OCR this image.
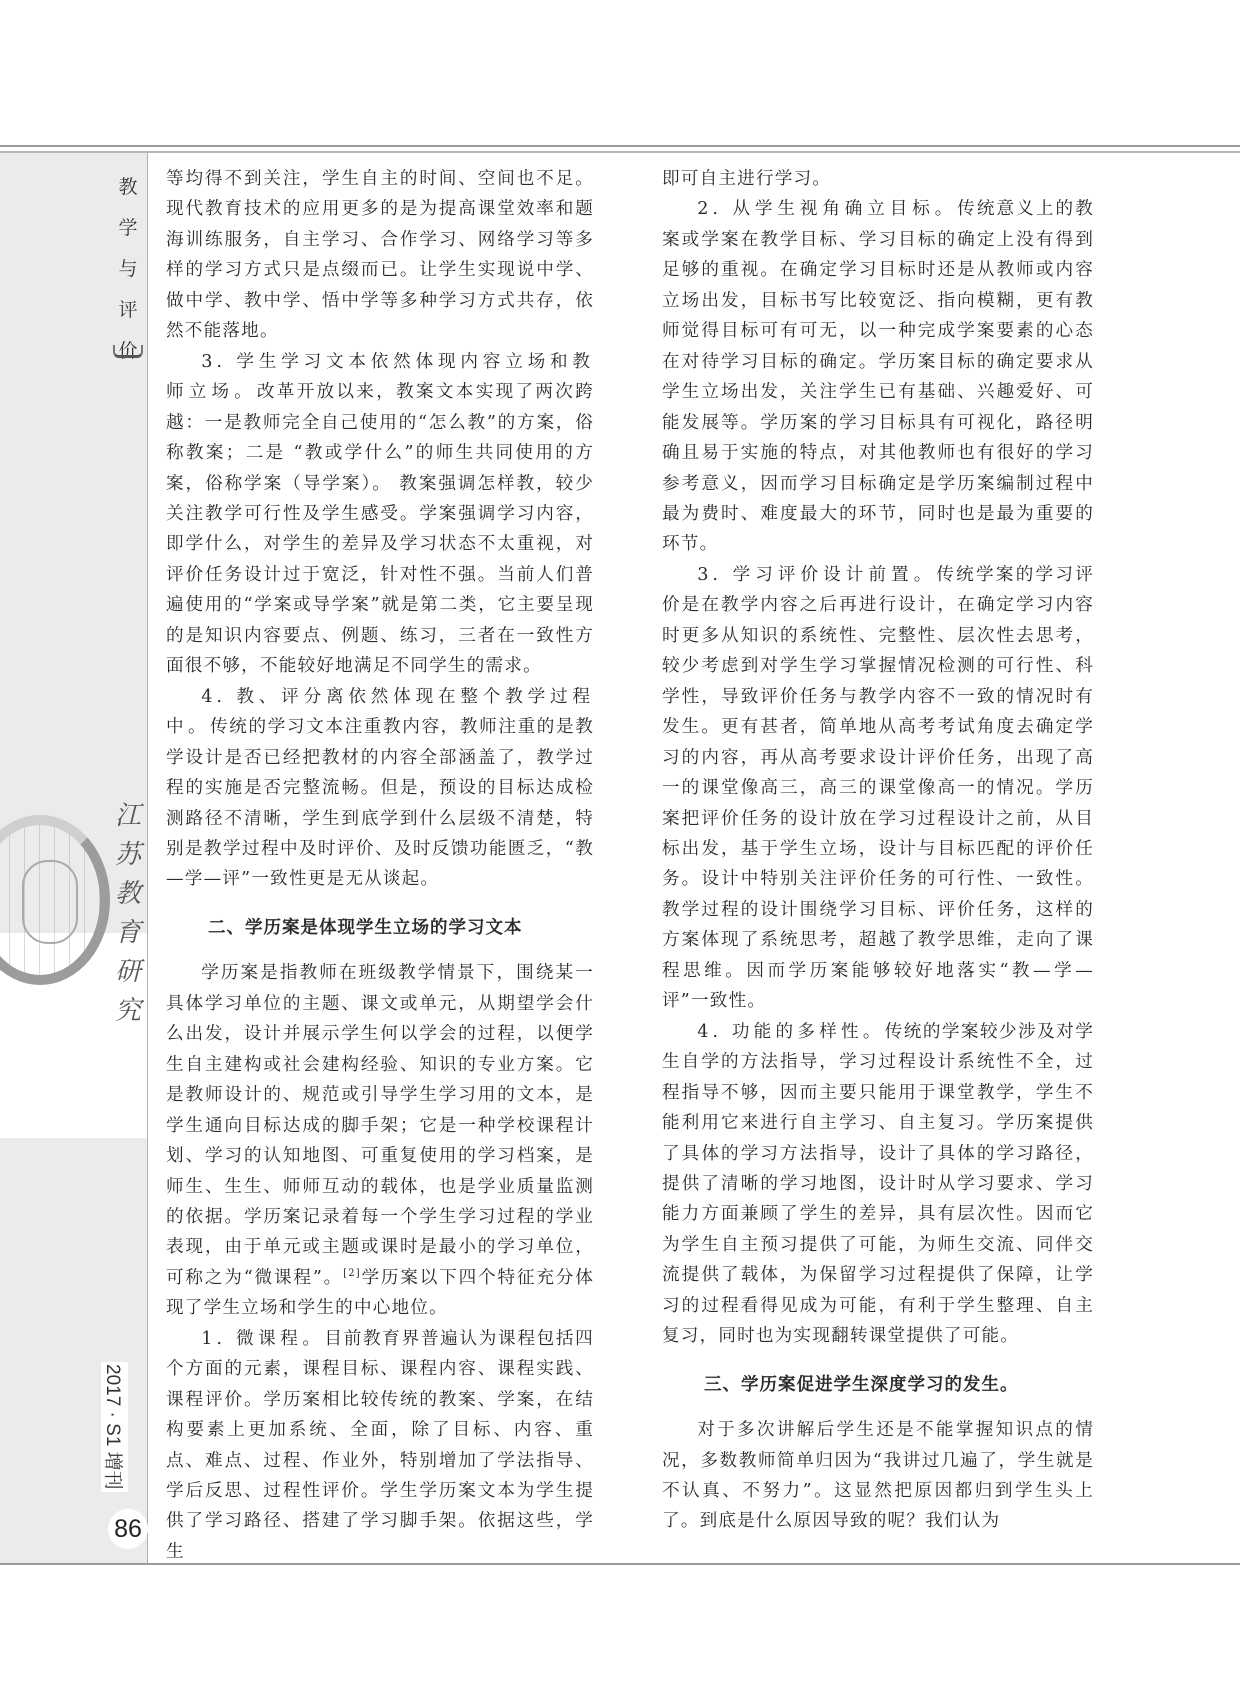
教
学
与
评
价
江
苏
教
育
研
究
2017 · S1 增刊
86

等均得不到关注，学生自主的时间、空间也不足。现代教育技术的应用更多的是为提高课堂效率和题海训练服务，自主学习、合作学习、网络学习等多样的学习方式只是点缀而已。让学生实现说中学、做中学、教中学、悟中学等多种学习方式共存，依然不能落地。

3. 学生学习文本依然体现内容立场和教师立场。改革开放以来，教案文本实现了两次跨越：一是教师完全自己使用的“怎么教”的方案，俗称教案；二是 “教或学什么”的师生共同使用的方案，俗称学案（导学案）。 教案强调怎样教，较少关注教学可行性及学生感受。学案强调学习内容，即学什么，对学生的差异及学习状态不太重视，对评价任务设计过于宽泛，针对性不强。当前人们普遍使用的“学案或导学案”就是第二类，它主要呈现的是知识内容要点、例题、练习，三者在一致性方面很不够，不能较好地满足不同学生的需求。

4. 教、评分离依然体现在整个教学过程中。传统的学习文本注重教内容，教师注重的是教学设计是否已经把教材的内容全部涵盖了，教学过程的实施是否完整流畅。但是，预设的目标达成检测路径不清晰，学生到底学到什么层级不清楚，特别是教学过程中及时评价、及时反馈功能匮乏，“教—学—评”一致性更是无从谈起。

二、学历案是体现学生立场的学习文本

学历案是指教师在班级教学情景下，围绕某一具体学习单位的主题、课文或单元，从期望学会什么出发，设计并展示学生何以学会的过程，以便学生自主建构或社会建构经验、知识的专业方案。它是教师设计的、规范或引导学生学习用的文本，是学生通向目标达成的脚手架；它是一种学校课程计划、学习的认知地图、可重复使用的学习档案，是师生、生生、师师互动的载体，也是学业质量监测的依据。学历案记录着每一个学生学习过程的学业表现，由于单元或主题或课时是最小的学习单位，可称之为“微课程”。[2]学历案以下四个特征充分体现了学生立场和学生的中心地位。

1. 微课程。目前教育界普遍认为课程包括四个方面的元素，课程目标、课程内容、课程实践、课程评价。学历案相比较传统的教案、学案，在结构要素上更加系统、全面，除了目标、内容、重点、难点、过程、作业外，特别增加了学法指导、学后反思、过程性评价。学生学历案文本为学生提供了学习路径、搭建了学习脚手架。依据这些，学生

即可自主进行学习。

2. 从学生视角确立目标。传统意义上的教案或学案在教学目标、学习目标的确定上没有得到足够的重视。在确定学习目标时还是从教师或内容立场出发，目标书写比较宽泛、指向模糊，更有教师觉得目标可有可无，以一种完成学案要素的心态在对待学习目标的确定。学历案目标的确定要求从学生立场出发，关注学生已有基础、兴趣爱好、可能发展等。学历案的学习目标具有可视化，路径明确且易于实施的特点，对其他教师也有很好的学习参考意义，因而学习目标确定是学历案编制过程中最为费时、难度最大的环节，同时也是最为重要的环节。

3. 学习评价设计前置。传统学案的学习评价是在教学内容之后再进行设计，在确定学习内容时更多从知识的系统性、完整性、层次性去思考，较少考虑到对学生学习掌握情况检测的可行性、科学性，导致评价任务与教学内容不一致的情况时有发生。更有甚者，简单地从高考考试角度去确定学习的内容，再从高考要求设计评价任务，出现了高一的课堂像高三，高三的课堂像高一的情况。学历案把评价任务的设计放在学习过程设计之前，从目标出发，基于学生立场，设计与目标匹配的评价任务。设计中特别关注评价任务的可行性、一致性。教学过程的设计围绕学习目标、评价任务，这样的方案体现了系统思考，超越了教学思维，走向了课程思维。因而学历案能够较好地落实“教—学—评”一致性。

4. 功能的多样性。传统的学案较少涉及对学生自学的方法指导，学习过程设计系统性不全，过程指导不够，因而主要只能用于课堂教学，学生不能利用它来进行自主学习、自主复习。学历案提供了具体的学习方法指导，设计了具体的学习路径，提供了清晰的学习地图，设计时从学习要求、学习能力方面兼顾了学生的差异，具有层次性。因而它为学生自主预习提供了可能，为师生交流、同伴交流提供了载体，为保留学习过程提供了保障，让学习的过程看得见成为可能，有利于学生整理、自主复习，同时也为实现翻转课堂提供了可能。

三、学历案促进学生深度学习的发生。

对于多次讲解后学生还是不能掌握知识点的情况，多数教师简单归因为“我讲过几遍了，学生就是不认真、不努力”。这显然把原因都归到学生头上了。到底是什么原因导致的呢？我们认为
